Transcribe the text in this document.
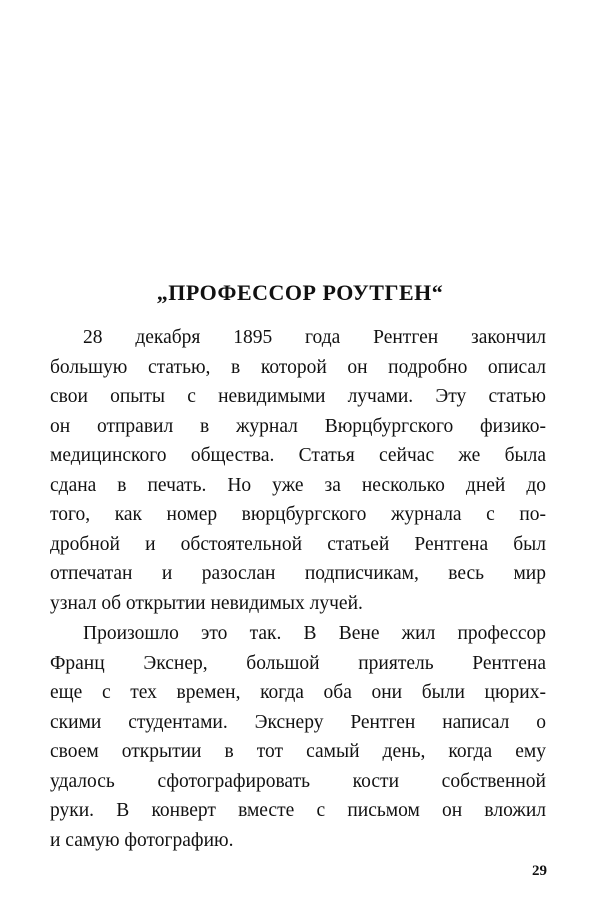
„ПРОФЕССОР РОУТГЕН“
28 декабря 1895 года Рентген закончил
большую статью, в которой он подробно описал
свои опыты с невидимыми лучами. Эту статью
он отправил в журнал Вюрцбургского физико-
медицинского общества. Статья сейчас же была
сдана в печать. Но уже за несколько дней до
того, как номер вюрцбургского журнала с по-
дробной и обстоятельной статьей Рентгена был
отпечатан и разослан подписчикам, весь мир
узнал об открытии невидимых лучей.
Произошло это так. В Вене жил профессор
Франц Экснер, большой приятель Рентгена
еще с тех времен, когда оба они были цюрих-
скими студентами. Экснеру Рентген написал о
своем открытии в тот самый день, когда ему
удалось сфотографировать кости собственной
руки. В конверт вместе с письмом он вложил
и самую фотографию.
29
